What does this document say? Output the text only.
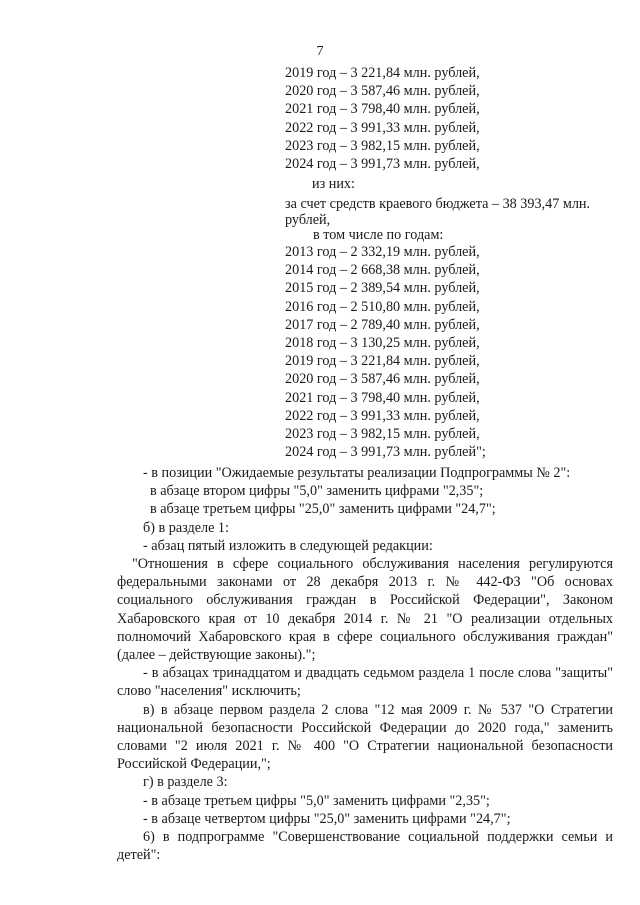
7
2019 год – 3 221,84 млн. рублей,
2020 год – 3 587,46 млн. рублей,
2021 год – 3 798,40 млн. рублей,
2022 год – 3 991,33 млн. рублей,
2023 год – 3 982,15 млн. рублей,
2024 год – 3 991,73 млн. рублей,
из них:
за счет средств краевого бюджета – 38 393,47 млн. рублей,
в том числе по годам:
2013 год – 2 332,19 млн. рублей,
2014 год – 2 668,38 млн. рублей,
2015 год – 2 389,54 млн. рублей,
2016 год – 2 510,80 млн. рублей,
2017 год – 2 789,40 млн. рублей,
2018 год – 3 130,25 млн. рублей,
2019 год – 3 221,84 млн. рублей,
2020 год – 3 587,46 млн. рублей,
2021 год – 3 798,40 млн. рублей,
2022 год – 3 991,33 млн. рублей,
2023 год – 3 982,15 млн. рублей,
2024 год – 3 991,73 млн. рублей";
- в позиции "Ожидаемые результаты реализации Подпрограммы № 2":
в абзаце втором цифры "5,0" заменить цифрами "2,35";
в абзаце третьем цифры "25,0" заменить цифрами "24,7";
б) в разделе 1:
- абзац пятый изложить в следующей редакции:
"Отношения в сфере социального обслуживания населения регулируются федеральными законами от 28 декабря 2013 г. № 442-ФЗ "Об основах социального обслуживания граждан в Российской Федерации", Законом Хабаровского края от 10 декабря 2014 г. № 21 "О реализации отдельных полномочий Хабаровского края в сфере социального обслуживания граждан" (далее – действующие законы).";
- в абзацах тринадцатом и двадцать седьмом раздела 1 после слова "защиты" слово "населения" исключить;
в) в абзаце первом раздела 2 слова "12 мая 2009 г. № 537 "О Стратегии национальной безопасности Российской Федерации до 2020 года," заменить словами "2 июля 2021 г. № 400 "О Стратегии национальной безопасности Российской Федерации,";
г) в разделе 3:
- в абзаце третьем цифры "5,0" заменить цифрами "2,35";
- в абзаце четвертом цифры "25,0" заменить цифрами "24,7";
6) в подпрограмме "Совершенствование социальной поддержки семьи и детей":
